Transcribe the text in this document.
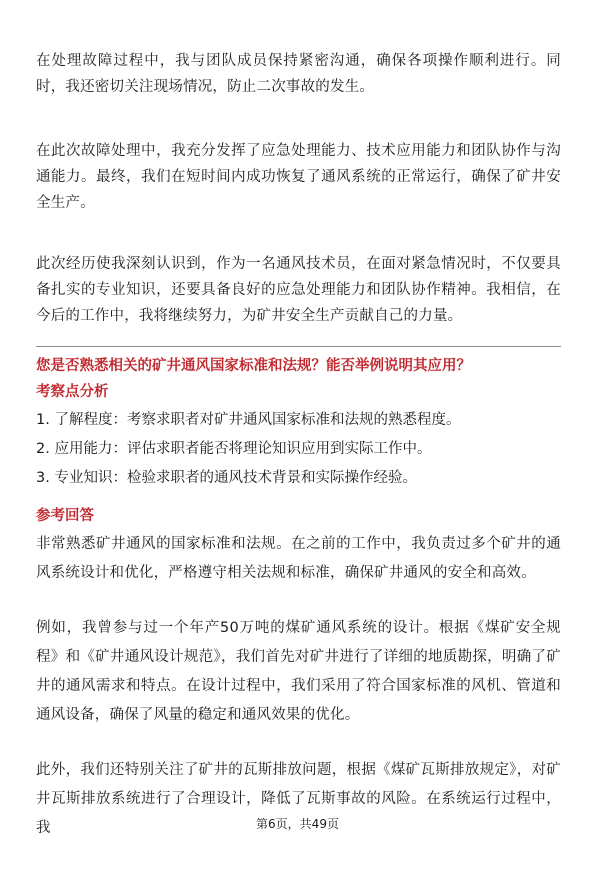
在处理故障过程中，我与团队成员保持紧密沟通，确保各项操作顺利进行。同时，我还密切关注现场情况，防止二次事故的发生。

在此次故障处理中，我充分发挥了应急处理能力、技术应用能力和团队协作与沟通能力。最终，我们在短时间内成功恢复了通风系统的正常运行，确保了矿井安全生产。

此次经历使我深刻认识到，作为一名通风技术员，在面对紧急情况时，不仅要具备扎实的专业知识，还要具备良好的应急处理能力和团队协作精神。我相信，在今后的工作中，我将继续努力，为矿井安全生产贡献自己的力量。

您是否熟悉相关的矿井通风国家标准和法规？能否举例说明其应用？
考察点分析
1. 了解程度：考察求职者对矿井通风国家标准和法规的熟悉程度。
2. 应用能力：评估求职者能否将理论知识应用到实际工作中。
3. 专业知识：检验求职者的通风技术背景和实际操作经验。
参考回答

非常熟悉矿井通风的国家标准和法规。在之前的工作中，我负责过多个矿井的通风系统设计和优化，严格遵守相关法规和标准，确保矿井通风的安全和高效。

例如，我曾参与过一个年产50万吨的煤矿通风系统的设计。根据《煤矿安全规程》和《矿井通风设计规范》，我们首先对矿井进行了详细的地质勘探，明确了矿井的通风需求和特点。在设计过程中，我们采用了符合国家标准的风机、管道和通风设备，确保了风量的稳定和通风效果的优化。

此外，我们还特别关注了矿井的瓦斯排放问题，根据《煤矿瓦斯排放规定》，对矿井瓦斯排放系统进行了合理设计，降低了瓦斯事故的风险。在系统运行过程中，我	第6页，共49页
